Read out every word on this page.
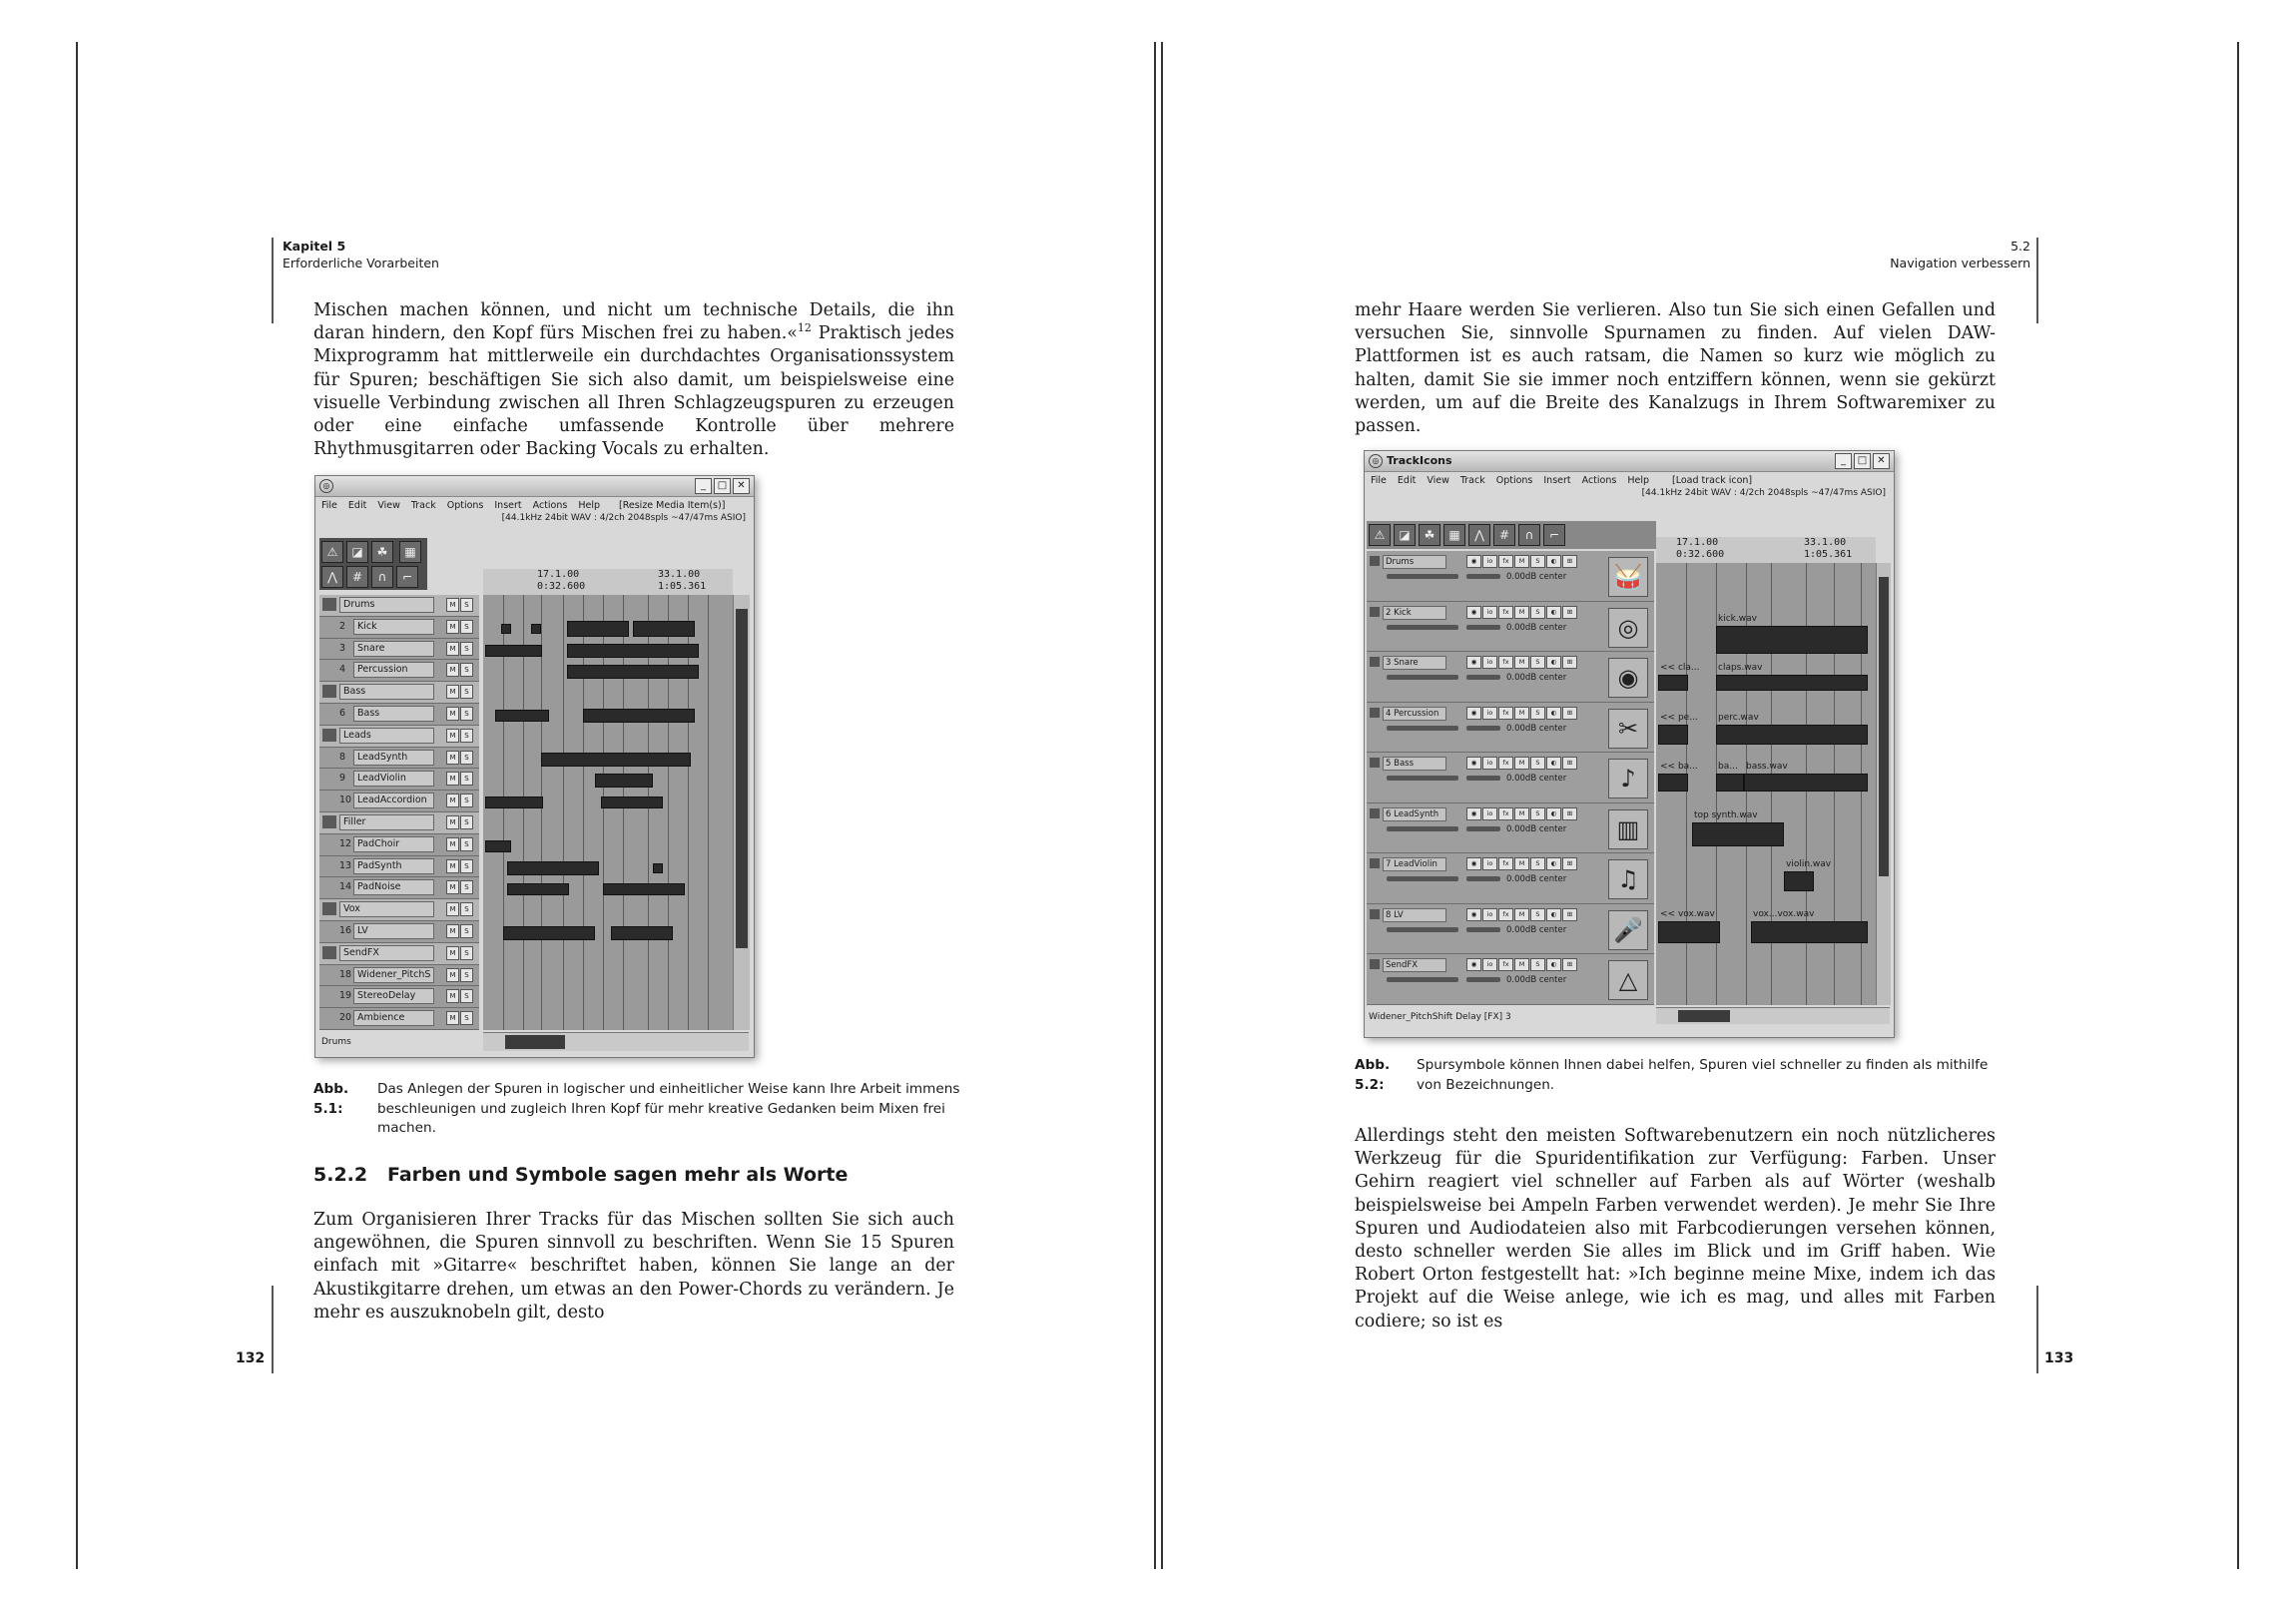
Kapitel 5
Erforderliche Vorarbeiten

Mischen machen können, und nicht um technische Details, die ihn daran hindern, den Kopf fürs Mischen frei zu haben.«$^{12}$ Praktisch jedes Mixprogramm hat mittlerweile ein durchdachtes Organisationssystem für Spuren; beschäftigen Sie sich also damit, um beispielsweise eine visuelle Verbindung zwischen all Ihren Schlagzeugspuren zu erzeugen oder eine einfache umfassende Kontrolle über mehrere Rhythmusgitarren oder Backing Vocals zu erhalten.

◎	_	□	✕
File Edit View Track Options Insert Actions Help [Resize Media Item(s)]
[44.1kHz 24bit WAV : 4/2ch 2048spls ~47/47ms ASIO]
⚠	◪	☘	▦
⋀	#	∩	⌐
Drums	M	S
2	Kick	M	S
3	Snare	M	S
4	Percussion	M	S
Bass	M	S
6	Bass	M	S
Leads	M	S
8	LeadSynth	M	S
9	LeadViolin	M	S
10 LeadAccordion	M	S
Filler	M	S
12 PadChoir	M	S
13 PadSynth	M	S
14 PadNoise	M	S
Vox	M	S
16 LV	M	S
SendFX	M	S
18 Widener_PitchS	M	S
19 StereoDelay	M	S
20 Ambience	M	S
17.1.00
0:32.600
33.1.00
1:05.361
Drums
Abb. 5.1:
Das Anlegen der Spuren in logischer und einheitlicher Weise kann Ihre Arbeit immens beschleunigen und zugleich Ihren Kopf für mehr kreative Gedanken beim Mixen frei machen.
5.2.2 Farben und Symbole sagen mehr als Worte

Zum Organisieren Ihrer Tracks für das Mischen sollten Sie sich auch angewöhnen, die Spuren sinnvoll zu beschriften. Wenn Sie 15 Spuren einfach mit »Gitarre« beschriftet haben, können Sie lange an der Akustikgitarre drehen, um etwas an den Power-Chords zu verändern. Je mehr es auszuknobeln gilt, desto

132
5.2
Navigation verbessern

mehr Haare werden Sie verlieren. Also tun Sie sich einen Gefallen und versuchen Sie, sinnvolle Spurnamen zu finden. Auf vielen DAW-Plattformen ist es auch ratsam, die Namen so kurz wie möglich zu halten, damit Sie sie immer noch entziffern können, wenn sie gekürzt werden, um auf die Breite des Kanalzugs in Ihrem Softwaremixer zu passen.

◎ TrackIcons	_	□	✕
File Edit View Track Options Insert Actions Help [Load track icon]
[44.1kHz 24bit WAV : 4/2ch 2048spls ~47/47ms ASIO]
⚠	◪	☘	▦	⋀	#	∩	⌐
Drums	◉	io	fx	M	S	◐	⊞
0.00dB center 🥁
2 Kick	◉	io	fx	M	S	◐	⊞
0.00dB center	◎
3 Snare	◉	io	fx	M	S	◐	⊞
0.00dB center	◉
4 Percussion	◉	io	fx	M	S	◐	⊞
0.00dB center	✂
5 Bass	◉	io	fx	M	S	◐	⊞
0.00dB center	♪
6 LeadSynth	◉	io	fx	M	S	◐	⊞
0.00dB center	▥
7 LeadViolin	◉	io	fx	M	S	◐	⊞
0.00dB center	♫
8 LV	◉	io	fx	M	S	◐	⊞
0.00dB center 🎤
SendFX	◉	io	fx	M	S	◐	⊞
0.00dB center	△
17.1.00
0:32.600
33.1.00
1:05.361
kick.wav
<< cla... claps.wav
<< pe... perc.wav
<< ba... ba... bass.wav
top synth.wav
violin.wav
<< vox.wav	vox...vox.wav
Widener_PitchShift Delay [FX] 3
Abb. 5.2:
Spursymbole können Ihnen dabei helfen, Spuren viel schneller zu finden als mithilfe von Bezeichnungen.

Allerdings steht den meisten Softwarebenutzern ein noch nützlicheres Werkzeug für die Spuridentifikation zur Verfügung: Farben. Unser Gehirn reagiert viel schneller auf Farben als auf Wörter (weshalb beispielsweise bei Ampeln Farben verwendet werden). Je mehr Sie Ihre Spuren und Audiodateien also mit Farbcodierungen versehen können, desto schneller werden Sie alles im Blick und im Griff haben. Wie Robert Orton festgestellt hat: »Ich beginne meine Mixe, indem ich das Projekt auf die Weise anlege, wie ich es mag, und alles mit Farben codiere; so ist es

133
